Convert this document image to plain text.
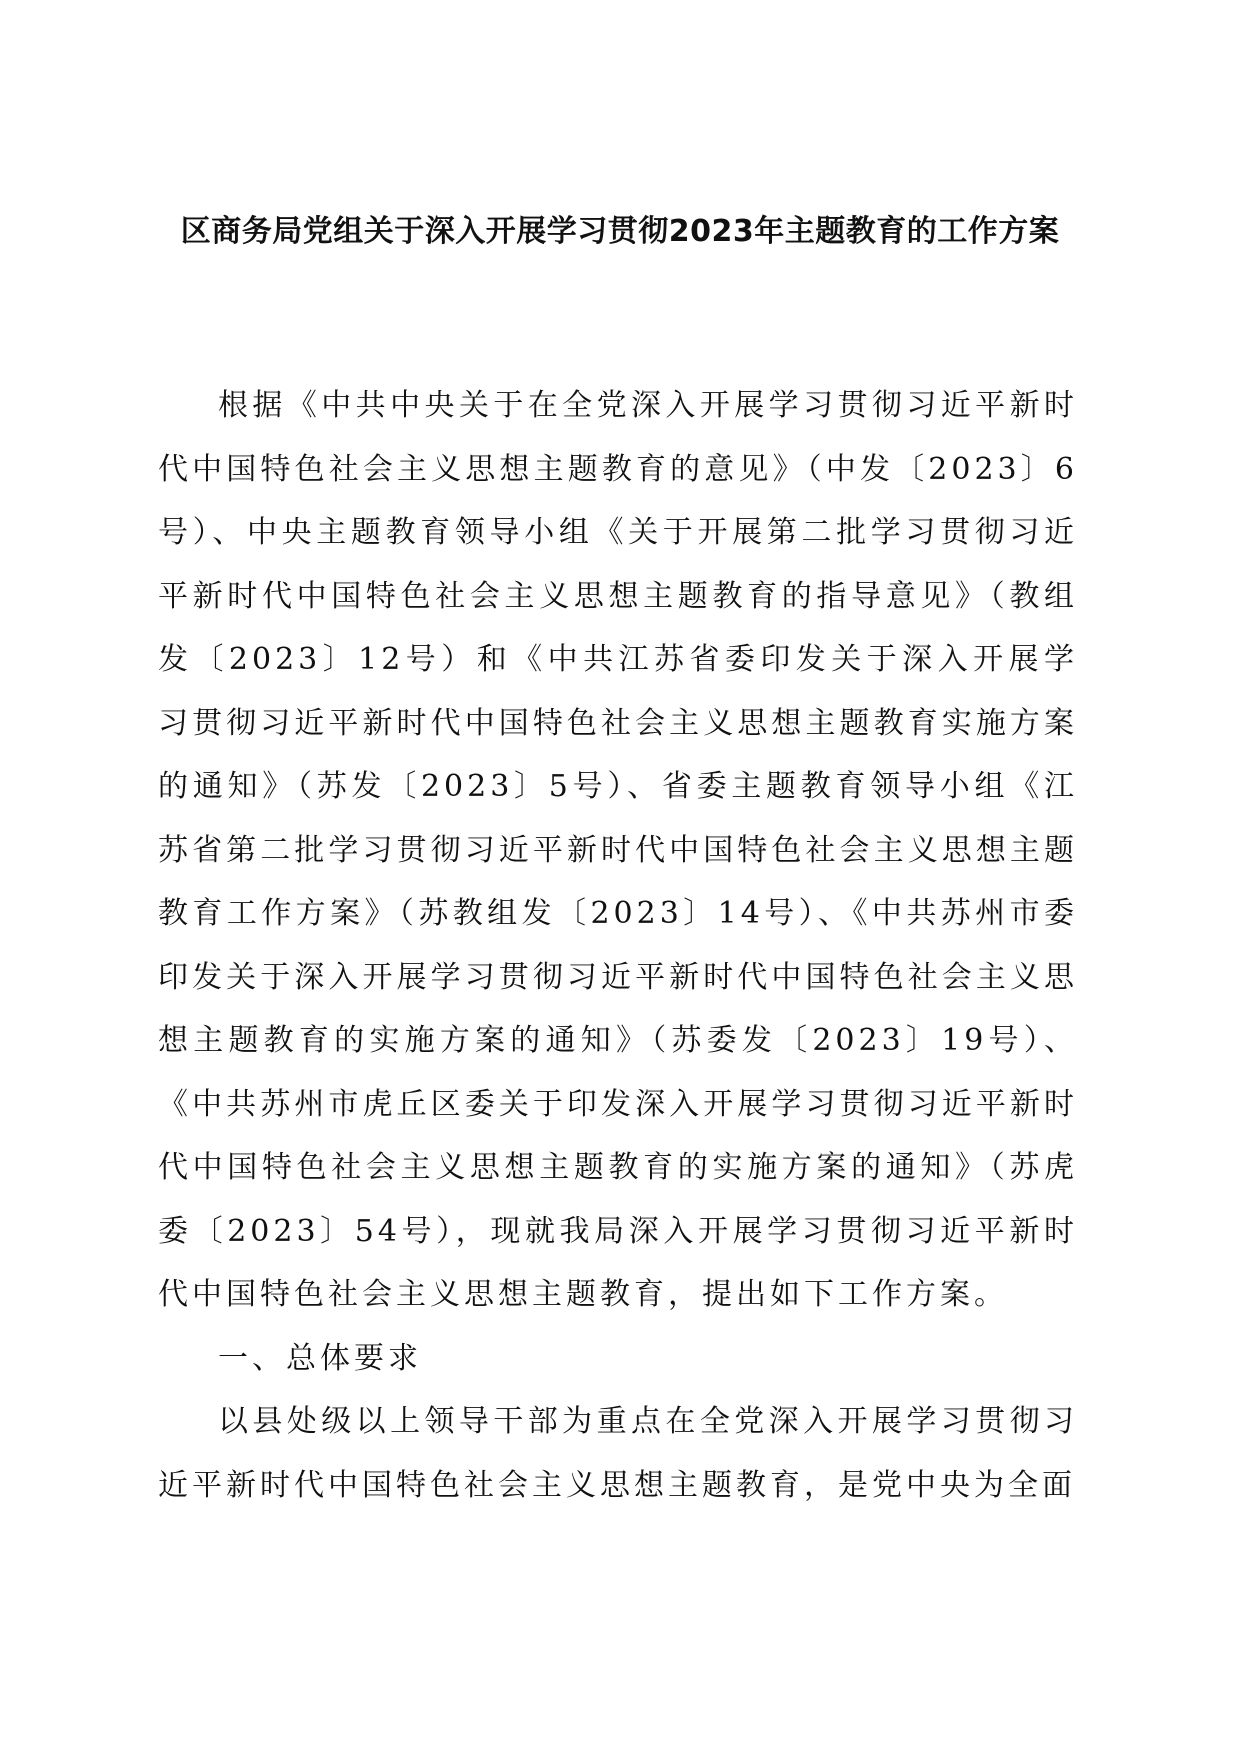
区商务局党组关于深入开展学习贯彻2023年主题教育的工作方案

根据《中共中央关于在全党深入开展学习贯彻习近平新时代中国特色社会主义思想主题教育的意见》（中发〔2023〕6号）、中央主题教育领导小组《关于开展第二批学习贯彻习近平新时代中国特色社会主义思想主题教育的指导意见》（教组发〔2023〕12号）和《中共江苏省委印发关于深入开展学习贯彻习近平新时代中国特色社会主义思想主题教育实施方案的通知》（苏发〔2023〕5号）、省委主题教育领导小组《江苏省第二批学习贯彻习近平新时代中国特色社会主义思想主题教育工作方案》（苏教组发〔2023〕14号）、《中共苏州市委印发关于深入开展学习贯彻习近平新时代中国特色社会主义思想主题教育的实施方案的通知》（苏委发〔2023〕19号）、《中共苏州市虎丘区委关于印发深入开展学习贯彻习近平新时代中国特色社会主义思想主题教育的实施方案的通知》（苏虎委〔2023〕54号），现就我局深入开展学习贯彻习近平新时代中国特色社会主义思想主题教育，提出如下工作方案。

一、总体要求

以县处级以上领导干部为重点在全党深入开展学习贯彻习近平新时代中国特色社会主义思想主题教育，是党中央为全面
